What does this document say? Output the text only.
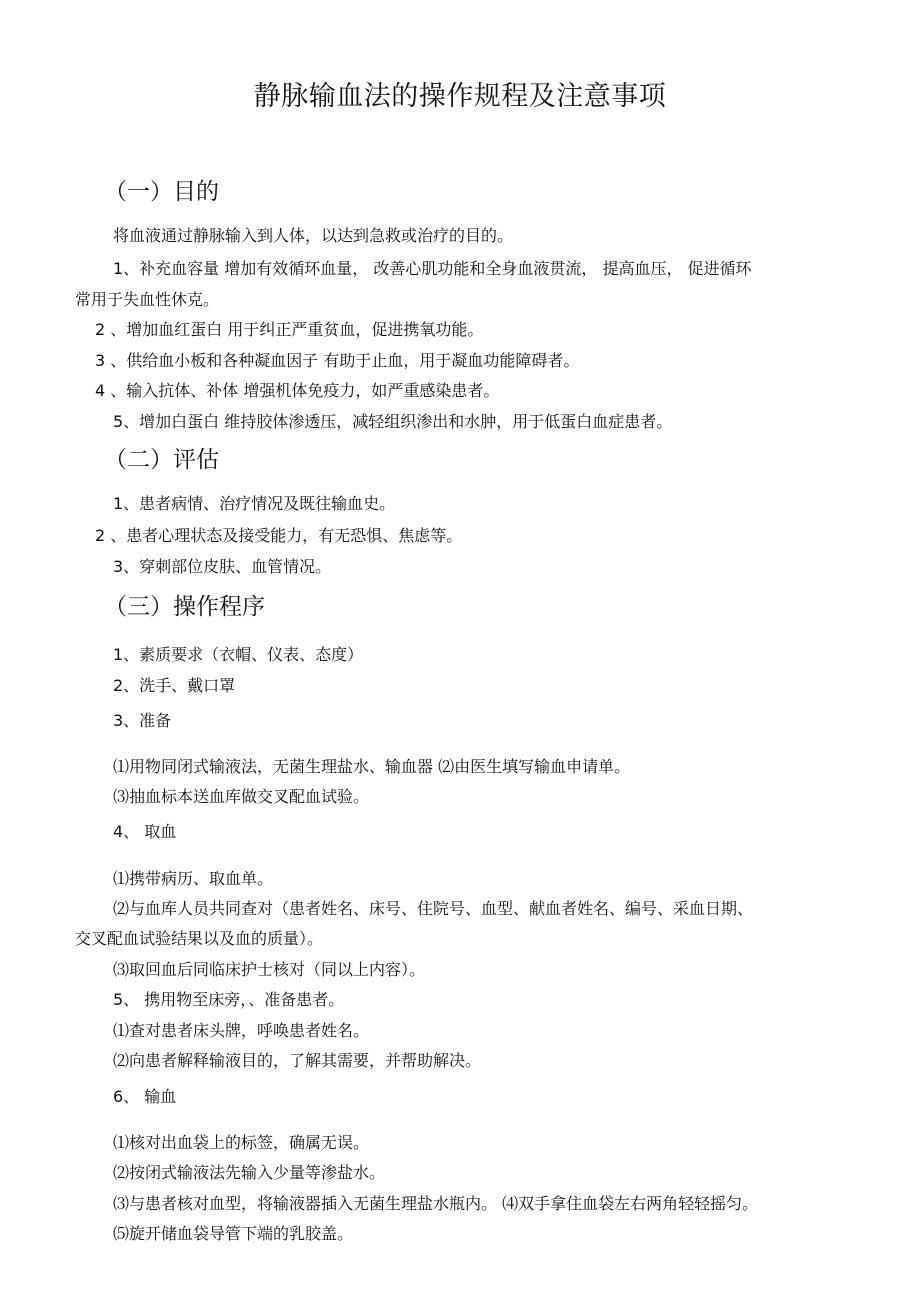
静脉输血法的操作规程及注意事项
（一）目的
将血液通过静脉输入到人体，以达到急救或治疗的目的。
1、补充血容量 增加有效循环血量， 改善心肌功能和全身血液贯流， 提高血压， 促进循环
常用于失血性休克。
2 、增加血红蛋白 用于纠正严重贫血，促进携氧功能。
3 、供给血小板和各种凝血因子 有助于止血，用于凝血功能障碍者。
4 、输入抗体、补体 增强机体免疫力，如严重感染患者。
5、增加白蛋白 维持胶体渗透压，减轻组织渗出和水肿，用于低蛋白血症患者。
（二）评估
1、患者病情、治疗情况及既往输血史。
2 、患者心理状态及接受能力，有无恐惧、焦虑等。
3、穿刺部位皮肤、血管情况。
（三）操作程序
1、素质要求（衣帽、仪表、态度）
2、洗手、戴口罩
3、准备
⑴用物同闭式输液法，无菌生理盐水、输血器 ⑵由医生填写输血申请单。
⑶抽血标本送血库做交叉配血试验。
4、 取血
⑴携带病历、取血单。
⑵与血库人员共同查对（患者姓名、床号、住院号、血型、献血者姓名、编号、采血日期、
交叉配血试验结果以及血的质量）。
⑶取回血后同临床护士核对（同以上内容）。
5、 携用物至床旁，、准备患者。
⑴查对患者床头牌，呼唤患者姓名。
⑵向患者解释输液目的，了解其需要，并帮助解决。
6、 输血
⑴核对出血袋上的标签，确属无误。
⑵按闭式输液法先输入少量等渗盐水。
⑶与患者核对血型，将输液器插入无菌生理盐水瓶内。 ⑷双手拿住血袋左右两角轻轻摇匀。
⑸旋开储血袋导管下端的乳胶盖。
